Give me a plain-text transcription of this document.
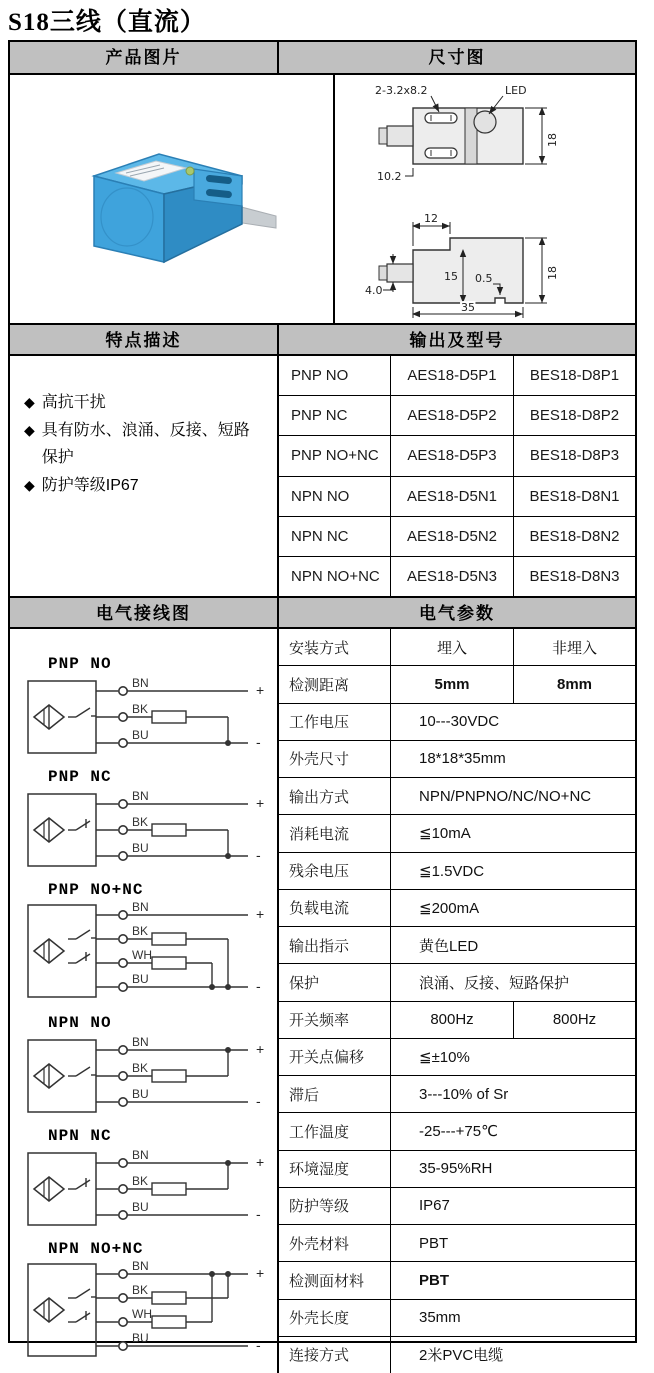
S18三线（直流）
产品图片	尺寸图
2-3.2x8.2	LED
18
10.2
12
15 0.5	18
35
4.0
特点描述	输出及型号
◆ 高抗干扰
◆ 具有防水、浪涌、反接、短路保护
◆ 防护等级IP67
PNP NO	AES18-D5P1	BES18-D8P1
PNP NC	AES18-D5P2	BES18-D8P2
PNP NO+NC	AES18-D5P3	BES18-D8P3
NPN NO	AES18-D5N1	BES18-D8N1
NPN NC	AES18-D5N2	BES18-D8N2
NPN NO+NC	AES18-D5N3	BES18-D8N3
电气接线图	电气参数
PNP NO
BN	+
BK
BU	-
PNP NC
BN	+
BK
BU	-
PNP NO+NC
BN	+
BK
WH
BU	-
NPN NO
BN	+
BK
BU	-
NPN NC
BN	+
BK
BU	-
NPN NO+NC
BN	+
BK
WH
BU	-
安装方式	埋入	非埋入
检测距离	5mm	8mm
工作电压	10---30VDC
外壳尺寸	18*18*35mm
输出方式	NPN/PNPNO/NC/NO+NC
消耗电流	≦10mA
残余电压	≦1.5VDC
负载电流	≦200mA
输出指示	黄色LED
保护	浪涌、反接、短路保护
开关频率	800Hz	800Hz
开关点偏移	≦±10%
滞后	3---10% of Sr
工作温度	-25---+75℃
环境湿度	35-95%RH
防护等级	IP67
外壳材料	PBT
检测面材料	PBT
外壳长度	35mm
连接方式	2米PVC电缆
